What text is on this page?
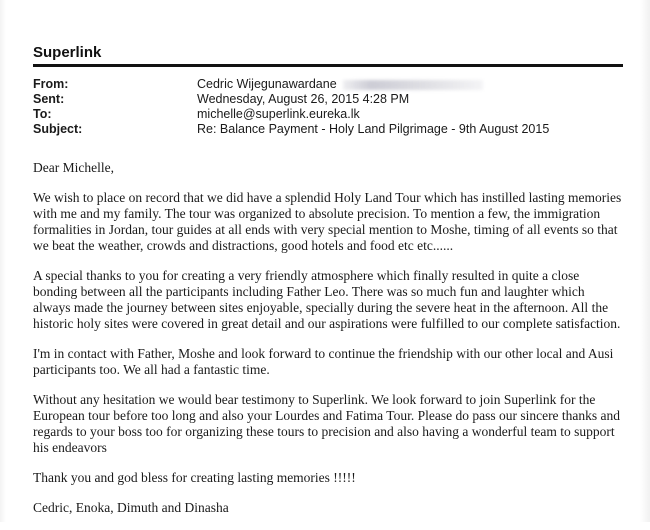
Superlink
From:	Cedric Wijegunawardane
Sent:	Wednesday, August 26, 2015 4:28 PM
To:	michelle@superlink.eureka.lk
Subject:	Re: Balance Payment - Holy Land Pilgrimage - 9th August 2015

Dear Michelle,

We wish to place on record that we did have a splendid Holy Land Tour which has instilled lasting memories with me and my family. The tour was organized to absolute precision. To mention a few, the immigration formalities in Jordan, tour guides at all ends with very special mention to Moshe, timing of all events so that we beat the weather, crowds and distractions, good hotels and food etc etc......

A special thanks to you for creating a very friendly atmosphere which finally resulted in quite a close bonding between all the participants including Father Leo. There was so much fun and laughter which always made the journey between sites enjoyable, specially during the severe heat in the afternoon. All the historic holy sites were covered in great detail and our aspirations were fulfilled to our complete satisfaction.

I'm in contact with Father, Moshe and look forward to continue the friendship with our other local and Ausi participants too. We all had a fantastic time.

Without any hesitation we would bear testimony to Superlink. We look forward to join Superlink for the European tour before too long and also your Lourdes and Fatima Tour. Please do pass our sincere thanks and regards to your boss too for organizing these tours to precision and also having a wonderful team to support his endeavors

Thank you and god bless for creating lasting memories !!!!!

Cedric, Enoka, Dimuth and Dinasha
